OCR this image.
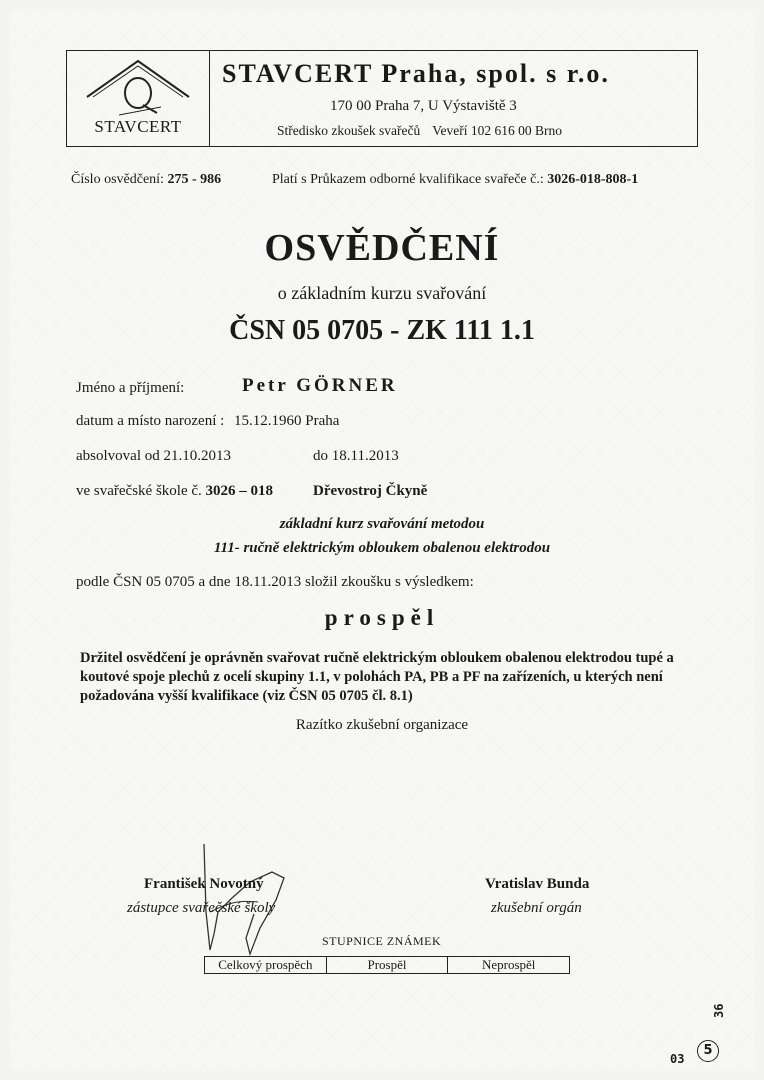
STAVCERT
STAVCERT Praha, spol. s r.o.
170 00 Praha 7, U Výstaviště 3
Středisko zkoušek svařečů Veveří 102 616 00 Brno
Číslo osvědčení: 275 - 986	Platí s Průkazem odborné kvalifikace svařeče č.: 3026-018-808-1
OSVĚDČENÍ
o základním kurzu svařování
ČSN 05 0705 - ZK 111 1.1
Jméno a příjmení:	Petr GÖRNER
datum a místo narození : 15.12.1960 Praha
absolvoval od 21.10.2013	do 18.11.2013
ve svařečské škole č. 3026 – 018	Dřevostroj Čkyně
základní kurz svařování metodou
111- ručně elektrickým obloukem obalenou elektrodou
podle ČSN 05 0705 a dne 18.11.2013 složil zkoušku s výsledkem:
prospěl
Držitel osvědčení je oprávněn svařovat ručně elektrickým obloukem obalenou elektrodou tupé a koutové spoje plechů z ocelí skupiny 1.1, v polohách PA, PB a PF na zařízeních, u kterých není požadována vyšší kvalifikace (viz ČSN 05 0705 čl. 8.1)
Razítko zkušební organizace
František Novotný
zástupce svařečské školy
Vratislav Bunda
zkušební orgán
STUPNICE ZNÁMEK
Celkový prospěch	Prospěl	Neprospěl
03
5
36
